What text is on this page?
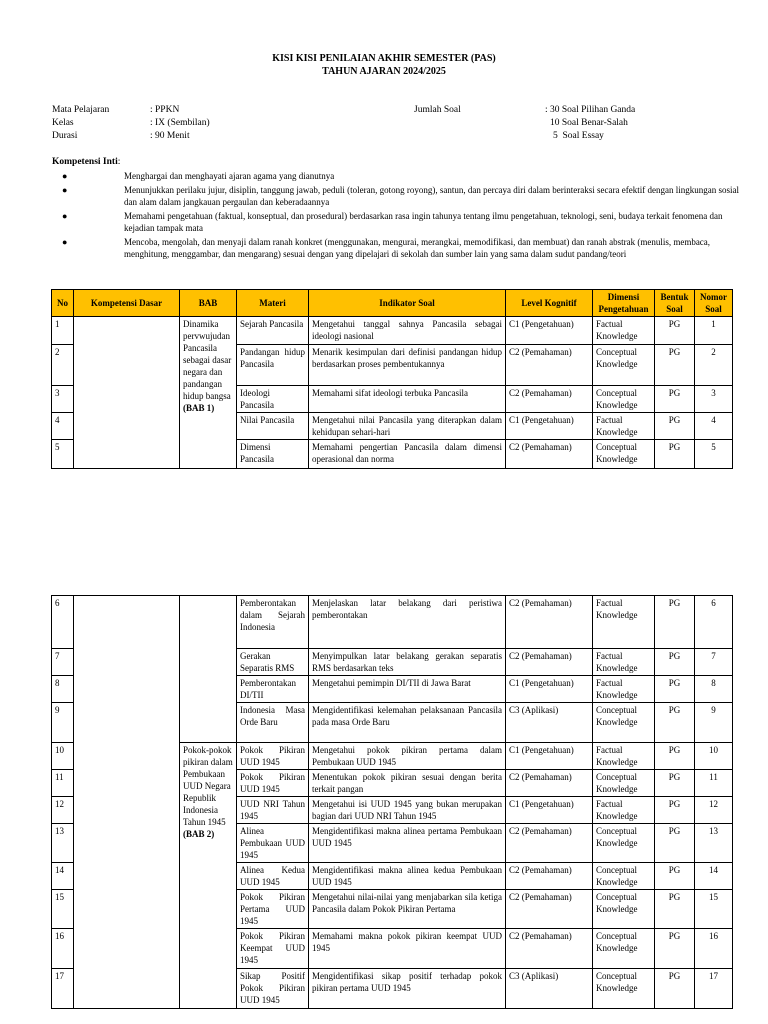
KISI KISI PENILAIAN AKHIR SEMESTER (PAS)
TAHUN AJARAN 2024/2025
Mata Pelajaran	: PPKN
Kelas	: IX (Sembilan)
Durasi	: 90 Menit
Jumlah Soal	: 30 Soal Pilihan Ganda
10 Soal Benar-Salah
5  Soal Essay
Kompetensi Inti:
●	Menghargai dan menghayati ajaran agama yang dianutnya
●	Menunjukkan perilaku jujur, disiplin, tanggung jawab, peduli (toleran, gotong royong), santun, dan percaya diri dalam berinteraksi secara efektif dengan lingkungan sosial dan alam dalam jangkauan pergaulan dan keberadaannya
●	Memahami pengetahuan (faktual, konseptual, dan prosedural) berdasarkan rasa ingin tahunya tentang ilmu pengetahuan, teknologi, seni, budaya terkait fenomena dan kejadian tampak mata
●	Mencoba, mengolah, dan menyaji dalam ranah konkret (menggunakan, mengurai, merangkai, memodifikasi, dan membuat) dan ranah abstrak (menulis, membaca, menghitung, menggambar, dan mengarang) sesuai dengan yang dipelajari di sekolah dan sumber lain yang sama dalam sudut pandang/teori
No	Kompetensi Dasar	BAB	Materi	Indikator Soal	Level Kognitif	Dimensi Pengetahuan	Bentuk Soal	Nomor Soal
1		Dinamika pervwujudan Pancasila sebagai dasar negara dan pandangan hidup bangsa (BAB 1)	Sejarah Pancasila	Mengetahui tanggal sahnya Pancasila sebagai ideologi nasional	C1 (Pengetahuan)	Factual Knowledge	PG	1
2			Pandangan hidup Pancasila	Menarik kesimpulan dari definisi pandangan hidup berdasarkan proses pembentukannya	C2 (Pemahaman)	Conceptual Knowledge	PG	2
3			Ideologi Pancasila	Memahami sifat ideologi terbuka Pancasila	C2 (Pemahaman)	Conceptual Knowledge	PG	3
4			Nilai Pancasila	Mengetahui nilai Pancasila yang diterapkan dalam kehidupan sehari-hari	C1 (Pengetahuan)	Factual Knowledge	PG	4
5			Dimensi Pancasila	Memahami pengertian Pancasila dalam dimensi operasional dan norma	C2 (Pemahaman)	Conceptual Knowledge	PG	5
6			Pemberontakan dalam Sejarah Indonesia	Menjelaskan latar belakang dari peristiwa pemberontakan	C2 (Pemahaman)	Factual Knowledge	PG	6
7			Gerakan Separatis RMS	Menyimpulkan latar belakang gerakan separatis RMS berdasarkan teks	C2 (Pemahaman)	Factual Knowledge	PG	7
8			Pemberontakan DI/TII	Mengetahui pemimpin DI/TII di Jawa Barat	C1 (Pengetahuan)	Factual Knowledge	PG	8
9			Indonesia Masa Orde Baru	Mengidentifikasi kelemahan pelaksanaan Pancasila pada masa Orde Baru	C3 (Aplikasi)	Conceptual Knowledge	PG	9
10		Pokok-pokok pikiran dalam Pembukaan UUD Negara Republik Indonesia Tahun 1945 (BAB 2)	Pokok Pikiran UUD 1945	Mengetahui pokok pikiran pertama dalam Pembukaan UUD 1945	C1 (Pengetahuan)	Factual Knowledge	PG	10
11			Pokok Pikiran UUD 1945	Menentukan pokok pikiran sesuai dengan berita terkait pangan	C2 (Pemahaman)	Conceptual Knowledge	PG	11
12			UUD NRI Tahun 1945	Mengetahui isi UUD 1945 yang bukan merupakan bagian dari UUD NRI Tahun 1945	C1 (Pengetahuan)	Factual Knowledge	PG	12
13			Alinea Pembukaan UUD 1945	Mengidentifikasi makna alinea pertama Pembukaan UUD 1945	C2 (Pemahaman)	Conceptual Knowledge	PG	13
14			Alinea Kedua UUD 1945	Mengidentifikasi makna alinea kedua Pembukaan UUD 1945	C2 (Pemahaman)	Conceptual Knowledge	PG	14
15			Pokok Pikiran Pertama UUD 1945	Mengetahui nilai-nilai yang menjabarkan sila ketiga Pancasila dalam Pokok Pikiran Pertama	C2 (Pemahaman)	Conceptual Knowledge	PG	15
16			Pokok Pikiran Keempat UUD 1945	Memahami makna pokok pikiran keempat UUD 1945	C2 (Pemahaman)	Conceptual Knowledge	PG	16
17			Sikap Positif Pokok Pikiran UUD 1945	Mengidentifikasi sikap positif terhadap pokok pikiran pertama UUD 1945	C3 (Aplikasi)	Conceptual Knowledge	PG	17
